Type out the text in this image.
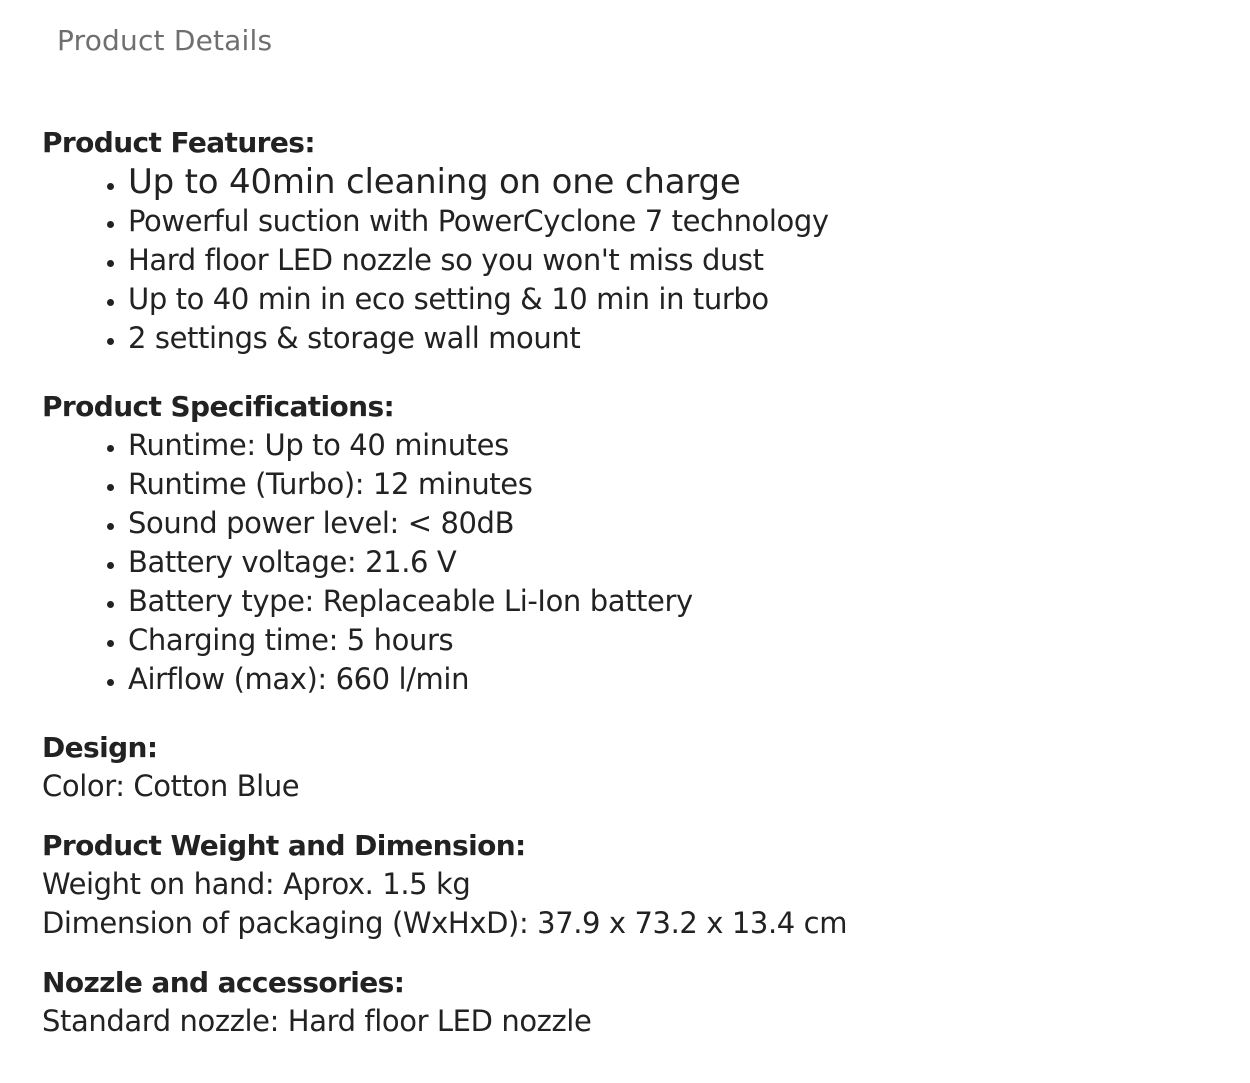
Product Details
Product Features:
• Up to 40min cleaning on one charge
• Powerful suction with PowerCyclone 7 technology
• Hard floor LED nozzle so you won't miss dust
• Up to 40 min in eco setting & 10 min in turbo
• 2 settings & storage wall mount
Product Specifications:
• Runtime: Up to 40 minutes
• Runtime (Turbo): 12 minutes
• Sound power level: < 80dB
• Battery voltage: 21.6 V
• Battery type: Replaceable Li-Ion battery
• Charging time: 5 hours
• Airflow (max): 660 l/min
Design:
Color: Cotton Blue
Product Weight and Dimension:
Weight on hand: Aprox. 1.5 kg
Dimension of packaging (WxHxD): 37.9 x 73.2 x 13.4 cm
Nozzle and accessories:
Standard nozzle: Hard floor LED nozzle
